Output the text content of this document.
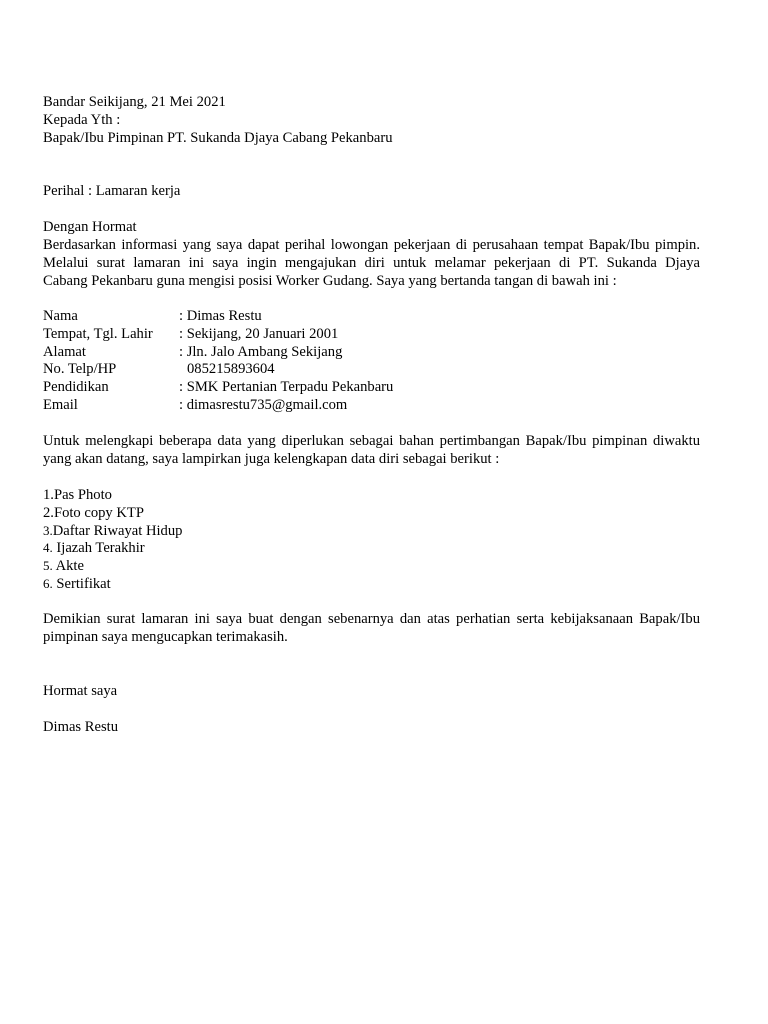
Bandar Seikijang, 21 Mei 2021
Kepada Yth :
Bapak/Ibu Pimpinan PT. Sukanda Djaya Cabang Pekanbaru
Perihal : Lamaran kerja
Dengan Hormat
Berdasarkan informasi yang saya dapat perihal lowongan pekerjaan di perusahaan tempat Bapak/Ibu pimpin.
Melalui surat lamaran ini saya ingin mengajukan diri untuk melamar pekerjaan di PT. Sukanda Djaya
Cabang Pekanbaru guna mengisi posisi Worker Gudang. Saya yang bertanda tangan di bawah ini :
Nama	: Dimas Restu
Tempat, Tgl. Lahir : Sekijang, 20 Januari 2001
Alamat	: Jln. Jalo Ambang Sekijang
No. Telp/HP	085215893604
Pendidikan	: SMK Pertanian Terpadu Pekanbaru
Email	: dimasrestu735@gmail.com
Untuk melengkapi beberapa data yang diperlukan sebagai bahan pertimbangan Bapak/Ibu pimpinan diwaktu
yang akan datang, saya lampirkan juga kelengkapan data diri sebagai berikut :
1.Pas Photo
2.Foto copy KTP
3.Daftar Riwayat Hidup
4. Ijazah Terakhir
5. Akte
6. Sertifikat
Demikian surat lamaran ini saya buat dengan sebenarnya dan atas perhatian serta kebijaksanaan Bapak/Ibu
pimpinan saya mengucapkan terimakasih.
Hormat saya
Dimas Restu
